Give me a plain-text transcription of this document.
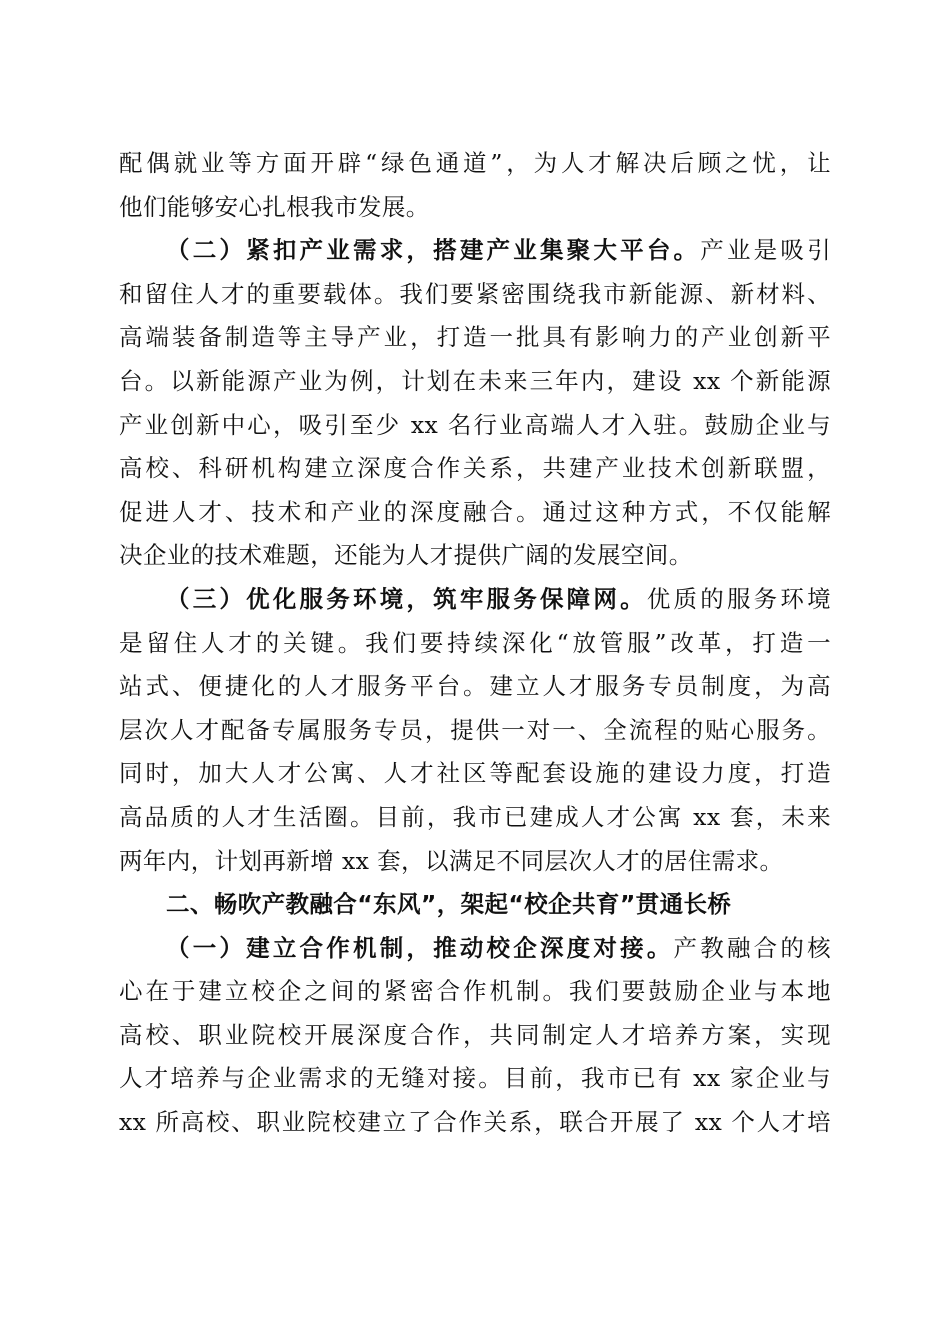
配偶就业等方面开辟“绿色通道”，为人才解决后顾之忧，让
他们能够安心扎根我市发展。
（二）紧扣产业需求，搭建产业集聚大平台。产业是吸引
和留住人才的重要载体。我们要紧密围绕我市新能源、新材料、
高端装备制造等主导产业，打造一批具有影响力的产业创新平
台。以新能源产业为例，计划在未来三年内，建设 xx 个新能源
产业创新中心，吸引至少 xx 名行业高端人才入驻。鼓励企业与
高校、科研机构建立深度合作关系，共建产业技术创新联盟，
促进人才、技术和产业的深度融合。通过这种方式，不仅能解
决企业的技术难题，还能为人才提供广阔的发展空间。
（三）优化服务环境，筑牢服务保障网。优质的服务环境
是留住人才的关键。我们要持续深化“放管服”改革，打造一
站式、便捷化的人才服务平台。建立人才服务专员制度，为高
层次人才配备专属服务专员，提供一对一、全流程的贴心服务。
同时，加大人才公寓、人才社区等配套设施的建设力度，打造
高品质的人才生活圈。目前，我市已建成人才公寓 xx 套，未来
两年内，计划再新增 xx 套，以满足不同层次人才的居住需求。
二、畅吹产教融合“东风”，架起“校企共育”贯通长桥
（一）建立合作机制，推动校企深度对接。产教融合的核
心在于建立校企之间的紧密合作机制。我们要鼓励企业与本地
高校、职业院校开展深度合作，共同制定人才培养方案，实现
人才培养与企业需求的无缝对接。目前，我市已有 xx 家企业与
xx 所高校、职业院校建立了合作关系，联合开展了 xx 个人才培
